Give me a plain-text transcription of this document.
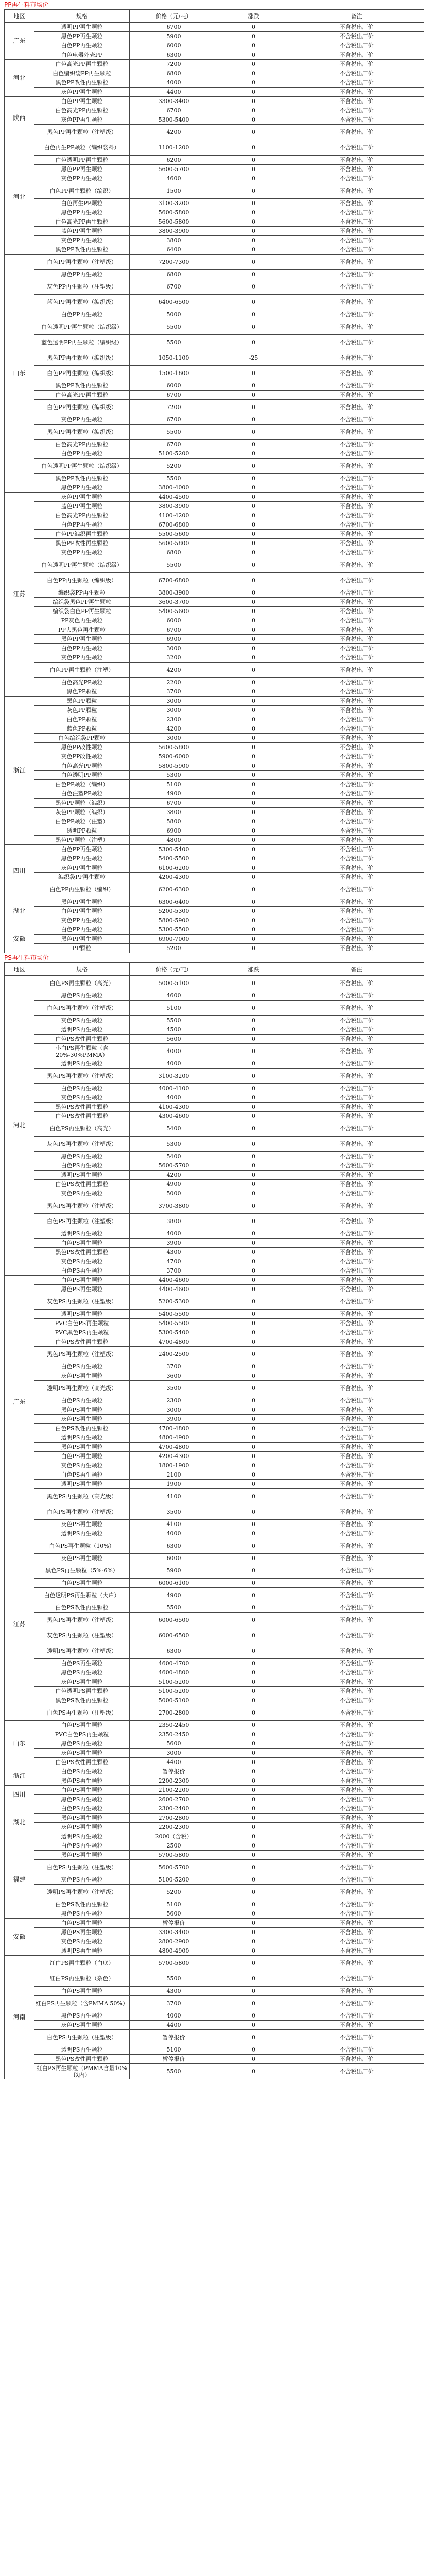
PP再生料市场价
地区	规格	价格（元/吨）	涨跌	备注
广东	透明PP再生颗粒	6700	0	不含税出厂价
	黑色PP再生颗粒	5900	0	不含税出厂价
	白色PP再生颗粒	6000	0	不含税出厂价
	白色电器外壳PP	6300	0	不含税出厂价
河北	白色高光PP再生颗粒	7200	0	不含税出厂价
	白色编织袋PP再生颗粒	6800	0	不含税出厂价
	黑色PP改性再生颗粒	4000	0	不含税出厂价
	灰色PP再生颗粒	4400	0	不含税出厂价
陕西	白色PP再生颗粒	3300-3400	0	不含税出厂价
	白色高光PP再生颗粒	6700	0	不含税出厂价
	灰色PP再生颗粒	5300-5400	0	不含税出厂价
	黑色PP再生颗粒（注塑级）	4200	0	不含税出厂价
河北	白色再生PP颗粒（编织袋料）	1100-1200	0	不含税出厂价
	白色透明PP再生颗粒	6200	0	不含税出厂价
	黑色PP再生颗粒	5600-5700	0	不含税出厂价
	灰色PP再生颗粒	4600	0	不含税出厂价
	白色PP再生颗粒（编织）	1500	0	不含税出厂价
	白色再生PP颗粒	3100-3200	0	不含税出厂价
	黑色PP再生颗粒	5600-5800	0	不含税出厂价
	白色高光PP再生颗粒	5600-5800	0	不含税出厂价
	蓝色PP再生颗粒	3800-3900	0	不含税出厂价
	灰色PP再生颗粒	3800	0	不含税出厂价
	黑色PP改性再生颗粒	6400	0	不含税出厂价
山东	白色PP再生颗粒（注塑级）	7200-7300	0	不含税出厂价
	黑色PP再生颗粒	6800	0	不含税出厂价
	灰色PP再生颗粒（注塑级）	6700	0	不含税出厂价
	蓝色PP再生颗粒（编织级）	6400-6500	0	不含税出厂价
	白色PP再生颗粒	5000	0	不含税出厂价
	白色透明PP再生颗粒（编织级）	5500	0	不含税出厂价
	蓝色透明PP再生颗粒（编织级）	5500	0	不含税出厂价
	黑色PP再生颗粒（编织级）	1050-1100	-25	不含税出厂价
	白色PP再生颗粒（编织级）	1500-1600	0	不含税出厂价
	黑色PP改性再生颗粒	6000	0	不含税出厂价
	白色高光PP再生颗粒	6700	0	不含税出厂价
	白色PP再生颗粒（编织级）	7200	0	不含税出厂价
	灰色PP再生颗粒	6700	0	不含税出厂价
	黑色PP再生颗粒（编织级）	5500	0	不含税出厂价
	白色高光PP再生颗粒	6700	0	不含税出厂价
	白色PP再生颗粒	5100-5200	0	不含税出厂价
	白色透明PP再生颗粒（编织级）	5200	0	不含税出厂价
	黑色PP改性再生颗粒	5500	0	不含税出厂价
	黑色PP再生颗粒	3800-4000	0	不含税出厂价
江苏	灰色PP再生颗粒	4400-4500	0	不含税出厂价
	蓝色PP再生颗粒	3800-3900	0	不含税出厂价
	白色高光PP再生颗粒	4100-4200	0	不含税出厂价
	白色PP再生颗粒	6700-6800	0	不含税出厂价
	白色PP编织再生颗粒	5500-5600	0	不含税出厂价
	黑色PP改性再生颗粒	5600-5800	0	不含税出厂价
	灰色PP再生颗粒	6800	0	不含税出厂价
	白色透明PP再生颗粒（编织级）	5500	0	不含税出厂价
	白色PP再生颗粒（编织级）	6700-6800	0	不含税出厂价
	编织袋PP再生颗粒	3800-3900	0	不含税出厂价
	编织袋黑色PP再生颗粒	3600-3700	0	不含税出厂价
	编织袋白色PP再生颗粒	5400-5600	0	不含税出厂价
	PP灰色再生颗粒	6000	0	不含税出厂价
	PP大黑色再生颗粒	6700	0	不含税出厂价
	黑色PP再生颗粒	6900	0	不含税出厂价
	白色PP再生颗粒	3000	0	不含税出厂价
	灰色PP再生颗粒	3200	0	不含税出厂价
	白色PP再生颗粒（注塑）	4200	0	不含税出厂价
	白色高光PP颗粒	2200	0	不含税出厂价
	黑色PP颗粒	3700	0	不含税出厂价
浙江	黑色PP颗粒	3000	0	不含税出厂价
	灰色PP颗粒	3000	0	不含税出厂价
	白色PP颗粒	2300	0	不含税出厂价
	蓝色PP颗粒	4200	0	不含税出厂价
	白色编织袋PP颗粒	3000	0	不含税出厂价
	黑色PP改性颗粒	5600-5800	0	不含税出厂价
	灰色PP改性颗粒	5900-6000	0	不含税出厂价
	白色高光PP颗粒	5800-5900	0	不含税出厂价
	白色透明PP颗粒	5300	0	不含税出厂价
	白色PP颗粒（编织）	5100	0	不含税出厂价
	白色注塑PP颗粒	4900	0	不含税出厂价
	黑色PP颗粒（编织）	6700	0	不含税出厂价
	灰色PP颗粒（编织）	3800	0	不含税出厂价
	白色PP颗粒（注塑）	5800	0	不含税出厂价
	透明PP颗粒	6900	0	不含税出厂价
	黑色PP颗粒（注塑）	4800	0	不含税出厂价
四川	白色PP再生颗粒	5300-5400	0	不含税出厂价
	黑色PP再生颗粒	5400-5500	0	不含税出厂价
	灰色PP再生颗粒	6100-6200	0	不含税出厂价
	编织袋PP再生颗粒	4200-4300	0	不含税出厂价
	白色PP再生颗粒（编织）	6200-6300	0	不含税出厂价
湖北	黑色PP再生颗粒	6300-6400	0	不含税出厂价
	白色PP再生颗粒	5200-5300	0	不含税出厂价
	灰色PP再生颗粒	5800-5900	0	不含税出厂价
安徽	白色PP再生颗粒	5300-5500	0	不含税出厂价
	黑色PP再生颗粒	6900-7000	0	不含税出厂价
	PP颗粒	5200	0	不含税出厂价
PS再生料市场价
地区	规格	价格（元/吨）	涨跌	备注
河北	白色PS再生颗粒（高光）	5000-5100	0	不含税出厂价
	黑色PS再生颗粒	4600	0	不含税出厂价
	白色PS再生颗粒（注塑级）	5100	0	不含税出厂价
	灰色PS再生颗粒	5500	0	不含税出厂价
	透明PS再生颗粒	4500	0	不含税出厂价
	白色PS改性再生颗粒	5600	0	不含税出厂价
	小白PS再生颗粒（含20%-30%PMMA）	4000	0	不含税出厂价
	透明PS再生颗粒	4000	0	不含税出厂价
	黑色PS再生颗粒（注塑级）	3100-3200	0	不含税出厂价
	白色PS再生颗粒	4000-4100	0	不含税出厂价
	灰色PS再生颗粒	4000	0	不含税出厂价
	黑色PS改性再生颗粒	4100-4300	0	不含税出厂价
	白色PS改性再生颗粒	4300-4600	0	不含税出厂价
	白色PS再生颗粒（高光）	5400	0	不含税出厂价
	灰色PS再生颗粒（注塑级）	5300	0	不含税出厂价
	黑色PS再生颗粒	5400	0	不含税出厂价
	白色PS再生颗粒	5600-5700	0	不含税出厂价
	透明PS再生颗粒	4200	0	不含税出厂价
	白色PS改性再生颗粒	4900	0	不含税出厂价
	灰色PS再生颗粒	5000	0	不含税出厂价
	黑色PS再生颗粒（注塑级）	3700-3800	0	不含税出厂价
	白色PS再生颗粒（注塑级）	3800	0	不含税出厂价
	透明PS再生颗粒	4000	0	不含税出厂价
	白色PS再生颗粒	3900	0	不含税出厂价
	黑色PS改性再生颗粒	4300	0	不含税出厂价
	灰色PS再生颗粒	4700	0	不含税出厂价
	白色PS再生颗粒	3700	0	不含税出厂价
广东	白色PS再生颗粒	4400-4600	0	不含税出厂价
	黑色PS再生颗粒	4400-4600	0	不含税出厂价
	灰色PS再生颗粒（注塑级）	5200-5300	0	不含税出厂价
	透明PS再生颗粒	5400-5500	0	不含税出厂价
	PVC白色PS再生颗粒	5400-5500	0	不含税出厂价
	PVC黑色PS再生颗粒	5300-5400	0	不含税出厂价
	白色PS改性再生颗粒	4700-4800	0	不含税出厂价
	黑色PS再生颗粒（注塑级）	2400-2500	0	不含税出厂价
	白色PS再生颗粒	3700	0	不含税出厂价
	灰色PS再生颗粒	3600	0	不含税出厂价
	透明PS再生颗粒（高光级）	3500	0	不含税出厂价
	白色PS再生颗粒	2300	0	不含税出厂价
	黑色PS再生颗粒	3000	0	不含税出厂价
	灰色PS再生颗粒	3900	0	不含税出厂价
	白色PS改性再生颗粒	4700-4800	0	不含税出厂价
	透明PS再生颗粒	4800-4900	0	不含税出厂价
	黑色PS再生颗粒	4700-4800	0	不含税出厂价
	白色PS再生颗粒	4200-4300	0	不含税出厂价
	灰色PS再生颗粒	1800-1900	0	不含税出厂价
	白色PS再生颗粒	2100	0	不含税出厂价
	透明PS再生颗粒	1900	0	不含税出厂价
	黑色PS再生颗粒（高光级）	4100	0	不含税出厂价
	白色PS再生颗粒（注塑级）	3500	0	不含税出厂价
	灰色PS再生颗粒	4100	0	不含税出厂价
江苏	透明PS再生颗粒	4000	0	不含税出厂价
	白色PS再生颗粒（10%）	6300	0	不含税出厂价
	灰色PS再生颗粒	6000	0	不含税出厂价
	黑色PS再生颗粒（5%-6%）	5900	0	不含税出厂价
	白色PS再生颗粒	6000-6100	0	不含税出厂价
	白色透明PS再生颗粒（大户）	4900	0	不含税出厂价
	白色PS改性再生颗粒	5500	0	不含税出厂价
	黑色PS再生颗粒（注塑级）	6000-6500	0	不含税出厂价
	灰色PS再生颗粒（注塑级）	6000-6500	0	不含税出厂价
	透明PS再生颗粒（注塑级）	6300	0	不含税出厂价
	白色PS再生颗粒	4600-4700	0	不含税出厂价
	黑色PS再生颗粒	4600-4800	0	不含税出厂价
	灰色PS再生颗粒	5100-5200	0	不含税出厂价
	白色透明PS再生颗粒	5100-5200	0	不含税出厂价
	黑色PS改性再生颗粒	5000-5100	0	不含税出厂价
	白色PS再生颗粒（注塑级）	2700-2800	0	不含税出厂价
山东	白色PS再生颗粒	2350-2450	0	不含税出厂价
	PVC白色PS再生颗粒	2350-2450	0	不含税出厂价
	黑色PS再生颗粒	5600	0	不含税出厂价
	灰色PS再生颗粒	3000	0	不含税出厂价
	白色PS改性再生颗粒	4400	0	不含税出厂价
浙江	白色PS再生颗粒	暂停报价	0	不含税出厂价
	黑色PS再生颗粒	2200-2300	0	不含税出厂价
四川	白色PS再生颗粒	2100-2200	0	不含税出厂价
	黑色PS再生颗粒	2600-2700	0	不含税出厂价
湖北	白色PS再生颗粒	2300-2400	0	不含税出厂价
	黑色PS再生颗粒	2700-2800	0	不含税出厂价
	灰色PS再生颗粒	2200-2300	0	不含税出厂价
	透明PS再生颗粒	2000（含税）	0	不含税出厂价
福建	白色PS再生颗粒	2500	0	不含税出厂价
	黑色PS再生颗粒	5700-5800	0	不含税出厂价
	白色PS再生颗粒（注塑级）	5600-5700	0	不含税出厂价
	灰色PS再生颗粒	5100-5200	0	不含税出厂价
	透明PS再生颗粒（注塑级）	5200	0	不含税出厂价
	白色PS改性再生颗粒	5100	0	不含税出厂价
	黑色PS再生颗粒	5600	0	不含税出厂价
安徽	白色PS再生颗粒	暂停报价	0	不含税出厂价
	黑色PS再生颗粒	3300-3400	0	不含税出厂价
	灰色PS再生颗粒	2800-2900	0	不含税出厂价
	透明PS再生颗粒	4800-4900	0	不含税出厂价
河南	红白PS再生颗粒（白底）	5700-5800	0	不含税出厂价
	红白PS再生颗粒（杂色）	5500	0	不含税出厂价
	白色PS再生颗粒	4300	0	不含税出厂价
	红白PS再生颗粒（含PMMA 50%）	3700	0	不含税出厂价
	黑色PS再生颗粒	4000	0	不含税出厂价
	灰色PS再生颗粒	4400	0	不含税出厂价
	白色PS再生颗粒（注塑级）	暂停报价	0	不含税出厂价
	透明PS再生颗粒	5100	0	不含税出厂价
	黑色PS改性再生颗粒	暂停报价	0	不含税出厂价
	红白PS再生颗粒（PMMA含量10%以内）	5500	0	不含税出厂价
